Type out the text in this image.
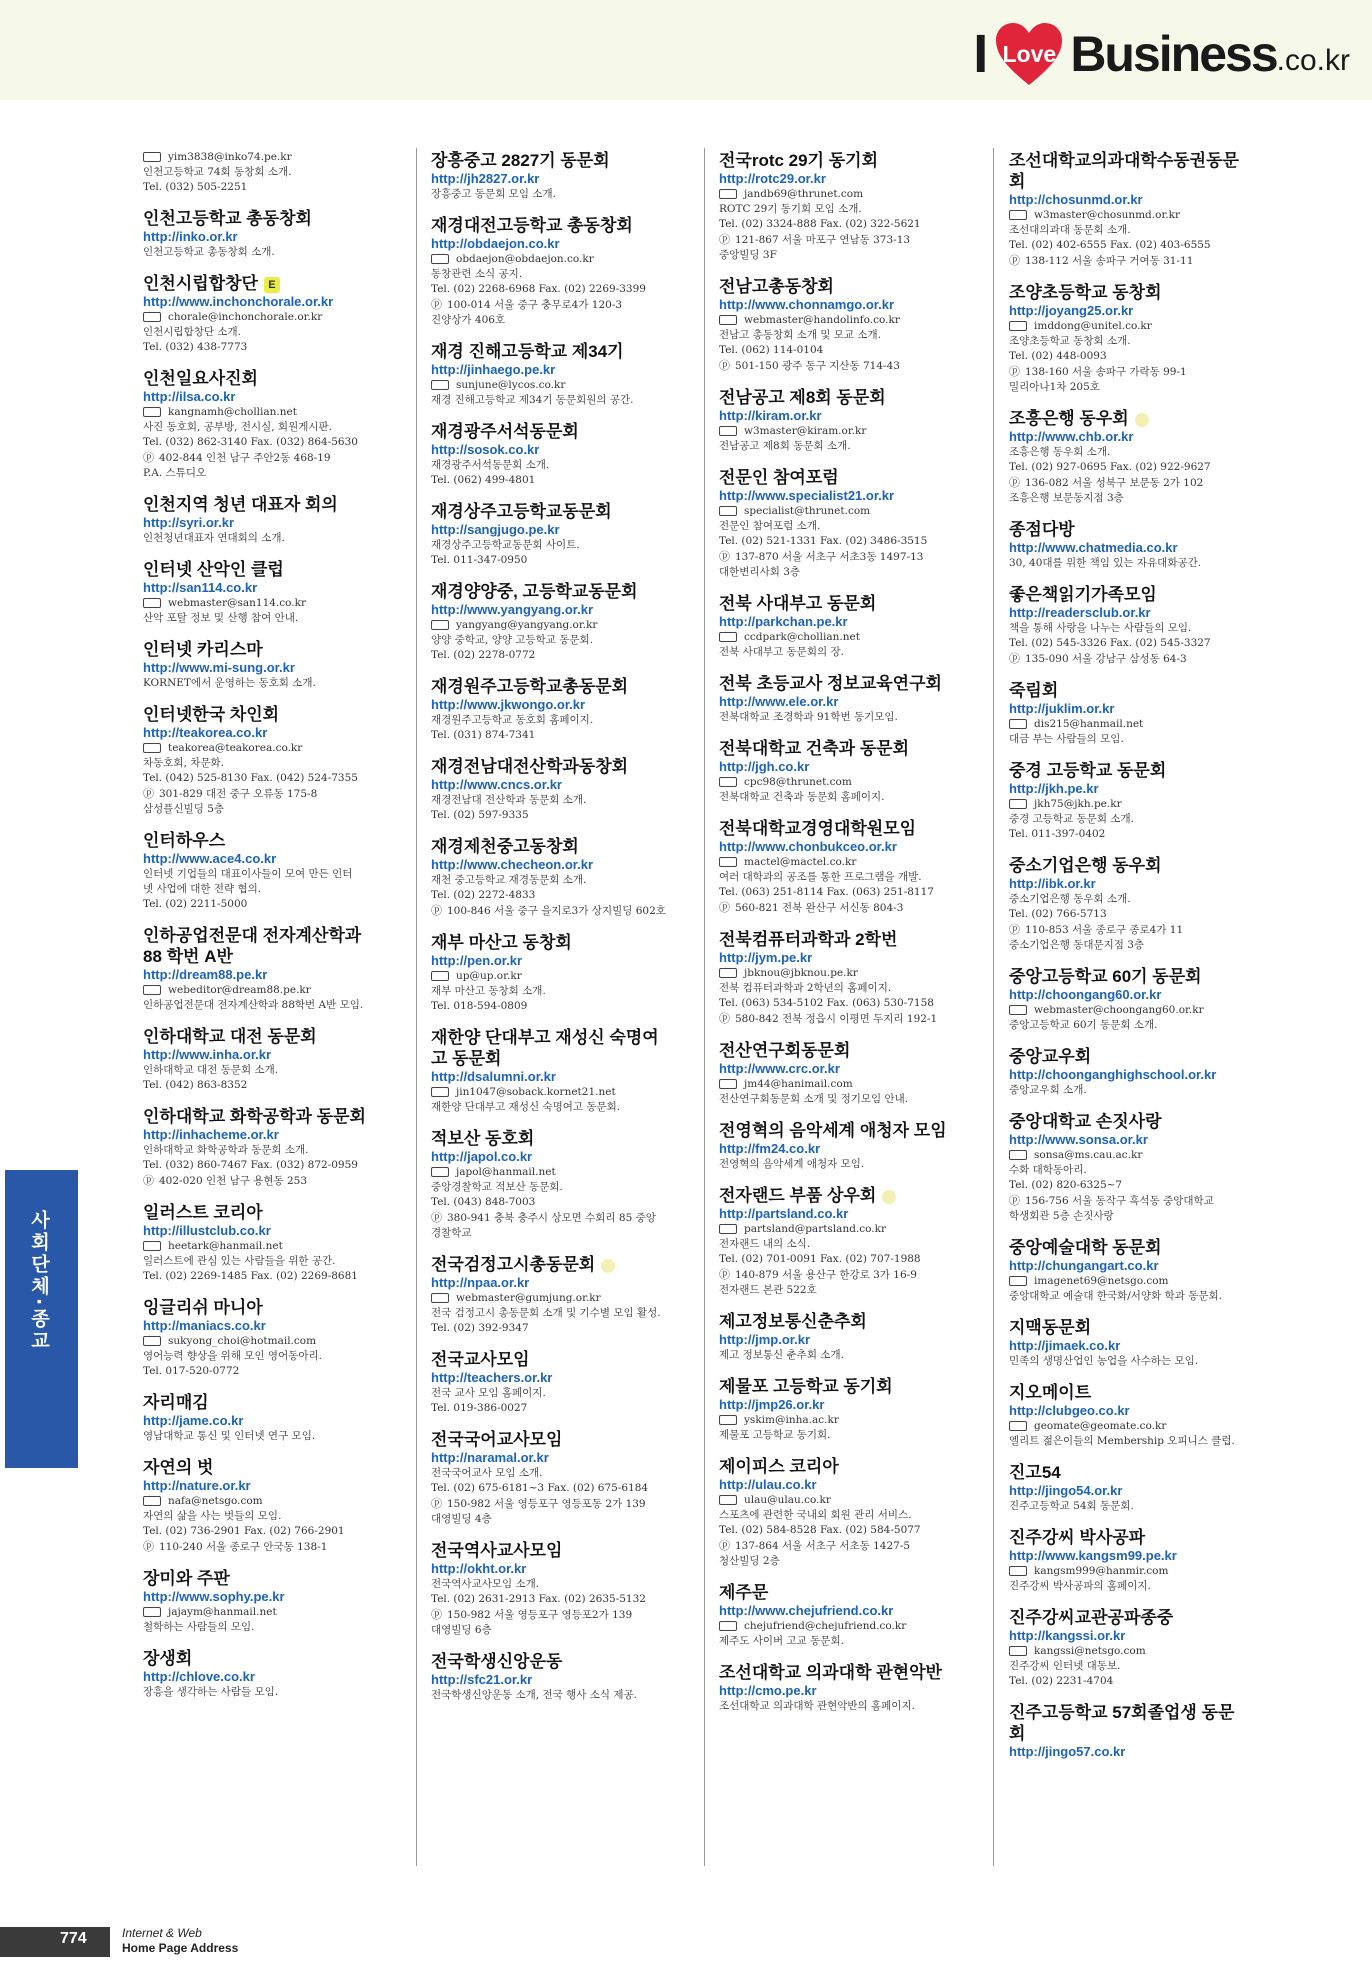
I Love Business .co.kr
yim3838@inko74.pe.kr
인천고등학교 74회 동창회 소개.
Tel. (032) 505-2251
인천고등학교 총동창회
http://inko.or.kr
인천고등학교 총동창회 소개.
인천시립합창단 E
http://www.inchonchorale.or.kr
chorale@inchonchorale.or.kr
인천시립합창단 소개.
Tel. (032) 438-7773
인천일요사진회
http://ilsa.co.kr
kangnamh@chollian.net
사진 동호회, 공부방, 전시실, 회원게시판.
Tel. (032) 862-3140 Fax. (032) 864-5630
ⓟ 402-844 인천 남구 주안2동 468-19
P.A. 스튜디오
인천지역 청년 대표자 회의
http://syri.or.kr
인천청년대표자 연대회의 소개.
인터넷 산악인 클럽
http://san114.co.kr
webmaster@san114.co.kr
산악 포탈 정보 및 산행 참여 안내.
인터넷 카리스마
http://www.mi-sung.or.kr
KORNET에서 운영하는 동호회 소개.
인터넷한국 차인회
http://teakorea.co.kr
teakorea@teakorea.co.kr
차동호회, 차문화.
Tel. (042) 525-8130 Fax. (042) 524-7355
ⓟ 301-829 대전 중구 오류동 175-8
삼성플신빌딩 5층
인터하우스
http://www.ace4.co.kr
인터넷 기업들의 대표이사들이 모여 만든 인터
넷 사업에 대한 전략 협의.
Tel. (02) 2211-5000
인하공업전문대 전자계산학과 88 학번 A반
http://dream88.pe.kr
webeditor@dream88.pe.kr
인하공업전문대 전자계산학과 88학번 A반 모임.
인하대학교 대전 동문회
http://www.inha.or.kr
인하대학교 대전 동문회 소개.
Tel. (042) 863-8352
인하대학교 화학공학과 동문회
http://inhacheme.or.kr
인하대학교 화학공학과 동문회 소개.
Tel. (032) 860-7467 Fax. (032) 872-0959
ⓟ 402-020 인천 남구 용현동 253
일러스트 코리아
http://illustclub.co.kr
heetark@hanmail.net
일러스트에 관심 있는 사람들을 위한 공간.
Tel. (02) 2269-1485 Fax. (02) 2269-8681
잉글리쉬 마니아
http://maniacs.co.kr
sukyong_choi@hotmail.com
영어능력 향상을 위해 모인 영어동아리.
Tel. 017-520-0772
자리매김
http://jame.co.kr
영남대학교 통신 및 인터넷 연구 모임.
자연의 벗
http://nature.or.kr
nafa@netsgo.com
자연의 삶을 사는 벗들의 모임.
Tel. (02) 736-2901 Fax. (02) 766-2901
ⓟ 110-240 서울 종로구 안국동 138-1
장미와 주판
http://www.sophy.pe.kr
jajaym@hanmail.net
철학하는 사람들의 모임.
장생회
http://chlove.co.kr
장흥을 생각하는 사람들 모임.
장흥중고 2827기 동문회
http://jh2827.or.kr
장흥중고 동문회 모임 소개.
재경대전고등학교 총동창회
http://obdaejon.co.kr
obdaejon@obdaejon.co.kr
동창관련 소식 공지.
Tel. (02) 2268-6968 Fax. (02) 2269-3399
ⓟ 100-014 서울 중구 충무로4가 120-3
진양상가 406호
재경 진해고등학교 제34기
http://jinhaego.pe.kr
sunjune@lycos.co.kr
재경 진해고등학교 제34기 동문회원의 공간.
재경광주서석동문회
http://sosok.co.kr
재경광주서석동문회 소개.
Tel. (062) 499-4801
재경상주고등학교동문회
http://sangjugo.pe.kr
재경상주고등학교동문회 사이트.
Tel. 011-347-0950
재경양양중, 고등학교동문회
http://www.yangyang.or.kr
yangyang@yangyang.or.kr
양양 중학교, 양양 고등학교 동문회.
Tel. (02) 2278-0772
재경원주고등학교총동문회
http://www.jkwongo.or.kr
재경원주고등학교 동호회 홈페이지.
Tel. (031) 874-7341
재경전남대전산학과동창회
http://www.cncs.or.kr
재경전남대 전산학과 동문회 소개.
Tel. (02) 597-9335
재경제천중고동창회
http://www.checheon.or.kr
재천 중고등학교 재경동문회 소개.
Tel. (02) 2272-4833
ⓟ 100-846 서울 중구 을지로3가 상지빌딩 602호
재부 마산고 동창회
http://pen.or.kr
up@up.or.kr
재부 마산고 동창회 소개.
Tel. 018-594-0809
재한양 단대부고 재성신 숙명여고 동문회
http://dsalumni.or.kr
jin1047@soback.kornet21.net
재한양 단대부고 재성신 숙명여고 동문회.
적보산 동호회
http://japol.co.kr
japol@hanmail.net
중앙경찰학교 적보산 동문회.
Tel. (043) 848-7003
ⓟ 380-941 충북 충주시 상모면 수회리 85 중앙
경찰학교
전국검정고시총동문회
http://npaa.or.kr
webmaster@gumjung.or.kr
전국 검정고시 총동문회 소개 및 기수별 모임 활성.
Tel. (02) 392-9347
전국교사모임
http://teachers.or.kr
전국 교사 모임 홈페이지.
Tel. 019-386-0027
전국국어교사모임
http://naramal.or.kr
전국국어교사 모임 소개.
Tel. (02) 675-6181~3 Fax. (02) 675-6184
ⓟ 150-982 서울 영등포구 영등포동 2가 139
대영빌딩 4층
전국역사교사모임
http://okht.or.kr
전국역사교사모임 소개.
Tel. (02) 2631-2913 Fax. (02) 2635-5132
ⓟ 150-982 서울 영등포구 영등포2가 139
대영빌딩 6층
전국학생신앙운동
http://sfc21.or.kr
전국학생신앙운동 소개, 전국 행사 소식 제공.
전국rotc 29기 동기회
http://rotc29.or.kr
jandb69@thrunet.com
ROTC 29기 동기회 모임 소개.
Tel. (02) 3324-888 Fax. (02) 322-5621
ⓟ 121-867 서울 마포구 연남동 373-13
중앙빌딩 3F
전남고총동창회
http://www.chonnamgo.or.kr
webmaster@handolinfo.co.kr
전남고 총동창회 소개 및 모교 소개.
Tel. (062) 114-0104
ⓟ 501-150 광주 동구 지산동 714-43
전남공고 제8회 동문회
http://kiram.or.kr
w3master@kiram.or.kr
전남공고 제8회 동문회 소개.
전문인 참여포럼
http://www.specialist21.or.kr
specialist@thrunet.com
전문인 참여포럼 소개.
Tel. (02) 521-1331 Fax. (02) 3486-3515
ⓟ 137-870 서울 서초구 서초3동 1497-13
대한변리사회 3층
전북 사대부고 동문회
http://parkchan.pe.kr
ccdpark@chollian.net
전북 사대부고 동문회의 장.
전북 초등교사 정보교육연구회
http://www.ele.or.kr
전북대학교 조경학과 91학번 동기모임.
전북대학교 건축과 동문회
http://jgh.co.kr
cpc98@thrunet.com
전북대학교 건축과 동문회 홈페이지.
전북대학교경영대학원모임
http://www.chonbukceo.or.kr
mactel@mactel.co.kr
여러 대학과의 공조를 통한 프로그램을 개발.
Tel. (063) 251-8114 Fax. (063) 251-8117
ⓟ 560-821 전북 완산구 서신동 804-3
전북컴퓨터과학과 2학번
http://jym.pe.kr
jbknou@jbknou.pe.kr
전북 컴퓨터과학과 2학년의 홈페이지.
Tel. (063) 534-5102 Fax. (063) 530-7158
ⓟ 580-842 전북 정읍시 이평면 두지리 192-1
전산연구회동문회
http://www.crc.or.kr
jm44@hanimail.com
전산연구회동문회 소개 및 정기모임 안내.
전영혁의 음악세계 애청자 모임
http://fm24.co.kr
전영혁의 음악세계 애청자 모임.
전자랜드 부품 상우회
http://partsland.co.kr
partsland@partsland.co.kr
전자랜드 내의 소식.
Tel. (02) 701-0091 Fax. (02) 707-1988
ⓟ 140-879 서울 용산구 한강로 3가 16-9
전자랜드 본관 522호
제고정보통신춘추회
http://jmp.or.kr
제고 정보통신 춘추회 소개.
제물포 고등학교 동기회
http://jmp26.or.kr
yskim@inha.ac.kr
제물포 고등학교 동기회.
제이피스 코리아
http://ulau.co.kr
ulau@ulau.co.kr
스포츠에 관련한 국내외 회원 관리 서비스.
Tel. (02) 584-8528 Fax. (02) 584-5077
ⓟ 137-864 서울 서초구 서초동 1427-5
청산빌딩 2층
제주문
http://www.chejufriend.co.kr
chejufriend@chejufriend.co.kr
제주도 사이버 고교 동문회.
조선대학교 의과대학 관현악반
http://cmo.pe.kr
조선대학교 의과대학 관현악반의 홈페이지.
조선대학교의과대학수동권동문회
http://chosunmd.or.kr
w3master@chosunmd.or.kr
조선대의과대 동문회 소개.
Tel. (02) 402-6555 Fax. (02) 403-6555
ⓟ 138-112 서울 송파구 거여동 31-11
조양초등학교 동창회
http://joyang25.or.kr
imddong@unitel.co.kr
조양초등학교 동창회 소개.
Tel. (02) 448-0093
ⓟ 138-160 서울 송파구 가락동 99-1
밀리아나1차 205호
조흥은행 동우회
http://www.chb.or.kr
조흥은행 동우회 소개.
Tel. (02) 927-0695 Fax. (02) 922-9627
ⓟ 136-082 서울 성북구 보문동 2가 102
조흥은행 보문동지점 3층
종점다방
http://www.chatmedia.co.kr
30, 40대를 위한 책임 있는 자유대화공간.
좋은책읽기가족모임
http://readersclub.or.kr
책을 통해 사랑을 나누는 사람들의 모임.
Tel. (02) 545-3326 Fax. (02) 545-3327
ⓟ 135-090 서울 강남구 삼성동 64-3
죽림회
http://juklim.or.kr
dis215@hanmail.net
대금 부는 사람들의 모임.
중경 고등학교 동문회
http://jkh.pe.kr
jkh75@jkh.pe.kr
중경 고등학교 동문회 소개.
Tel. 011-397-0402
중소기업은행 동우회
http://ibk.or.kr
중소기업은행 동우회 소개.
Tel. (02) 766-5713
ⓟ 110-853 서울 종로구 종로4가 11
중소기업은행 동대문지점 3층
중앙고등학교 60기 동문회
http://choongang60.or.kr
webmaster@choongang60.or.kr
중앙고등학교 60기 동문회 소개.
중앙교우회
http://choonganghighschool.or.kr
중앙교우회 소개.
중앙대학교 손짓사랑
http://www.sonsa.or.kr
sonsa@ms.cau.ac.kr
수화 대학동아리.
Tel. (02) 820-6325~7
ⓟ 156-756 서울 동작구 흑석동 중앙대학교
학생회관 5층 손짓사랑
중앙예술대학 동문회
http://chungangart.co.kr
imagenet69@netsgo.com
중앙대학교 예술대 한국화/서양화 학과 동문회.
지맥동문회
http://jimaek.co.kr
민족의 생명산업인 농업을 사수하는 모임.
지오메이트
http://clubgeo.co.kr
geomate@geomate.co.kr
엘리트 젊은이들의 Membership 오피니스 클럽.
진고54
http://jingo54.or.kr
진주고등학교 54회 동문회.
진주강씨 박사공파
http://www.kangsm99.pe.kr
kangsm999@hanmir.com
진주강씨 박사공파의 홈페이지.
진주강씨교관공파종중
http://kangssi.or.kr
kangssi@netsgo.com
진주강씨 인터넷 대동보.
Tel. (02) 2231-4704
진주고등학교 57회졸업생 동문회
http://jingo57.co.kr
사회단체·종교
774	Internet & Web
Home Page Address
